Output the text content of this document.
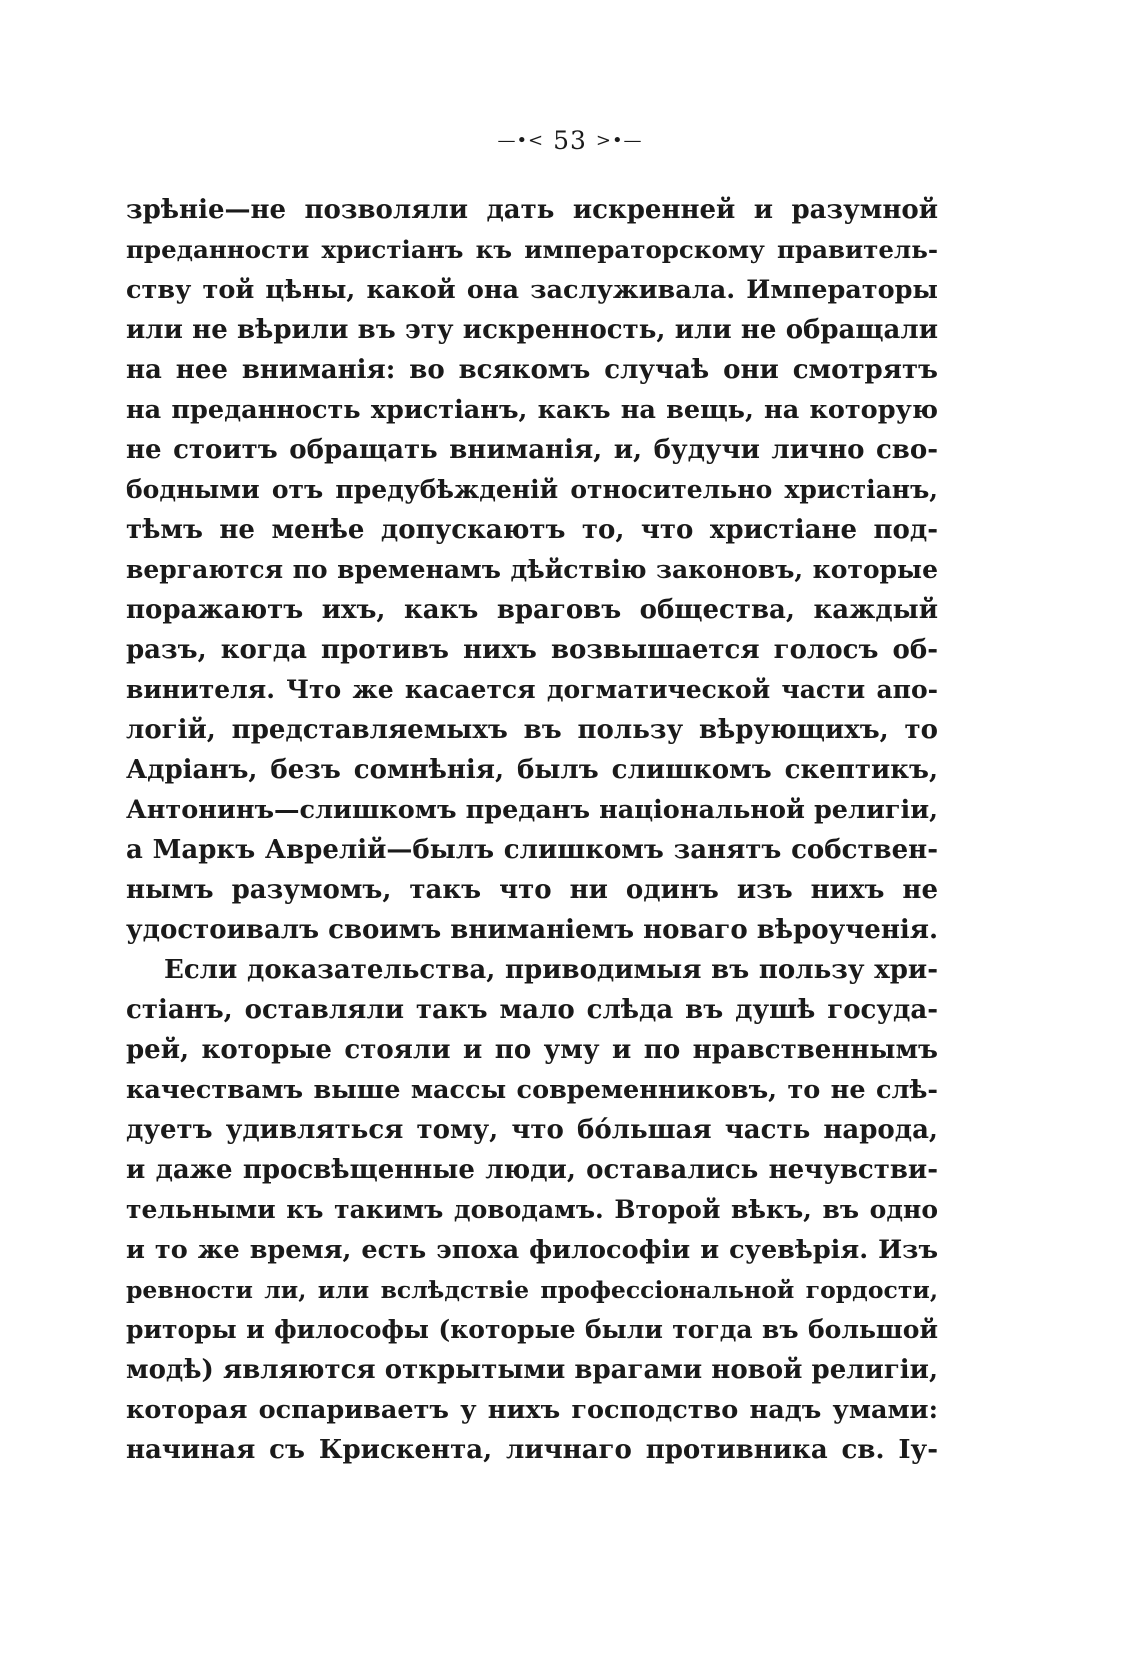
—•< 53 >•—
зрѣніе—не позволяли дать искренней и разумной
преданности христіанъ къ императорскому правитель-
ству той цѣны, какой она заслуживала. Императоры
или не вѣрили въ эту искренность, или не обращали
на нее вниманія: во всякомъ случаѣ они смотрятъ
на преданность христіанъ, какъ на вещь, на которую
не стоитъ обращать вниманія, и, будучи лично сво-
бодными отъ предубѣжденій относительно христіанъ,
тѣмъ не менѣе допускаютъ то, что христіане под-
вергаются по временамъ дѣйствію законовъ, которые
поражаютъ ихъ, какъ враговъ общества, каждый
разъ, когда противъ нихъ возвышается голосъ об-
винителя. Что же касается догматической части апо-
логій, представляемыхъ въ пользу вѣрующихъ, то
Адріанъ, безъ сомнѣнія, былъ слишкомъ скептикъ,
Антонинъ—слишкомъ преданъ національной религіи,
а Маркъ Аврелій—былъ слишкомъ занятъ собствен-
нымъ разумомъ, такъ что ни одинъ изъ нихъ не
удостоивалъ своимъ вниманіемъ новаго вѣроученія.
Если доказательства, приводимыя въ пользу хри-
стіанъ, оставляли такъ мало слѣда въ душѣ госуда-
рей, которые стояли и по уму и по нравственнымъ
качествамъ выше массы современниковъ, то не слѣ-
дуетъ удивляться тому, что бóльшая часть народа,
и даже просвѣщенные люди, оставались нечувстви-
тельными къ такимъ доводамъ. Второй вѣкъ, въ одно
и то же время, есть эпоха философіи и суевѣрія. Изъ
ревности ли, или вслѣдствіе профессіональной гордости,
риторы и философы (которые были тогда въ большой
модѣ) являются открытыми врагами новой религіи,
которая оспариваетъ у нихъ господство надъ умами:
начиная съ Крискента, личнаго противника св. Іу-
